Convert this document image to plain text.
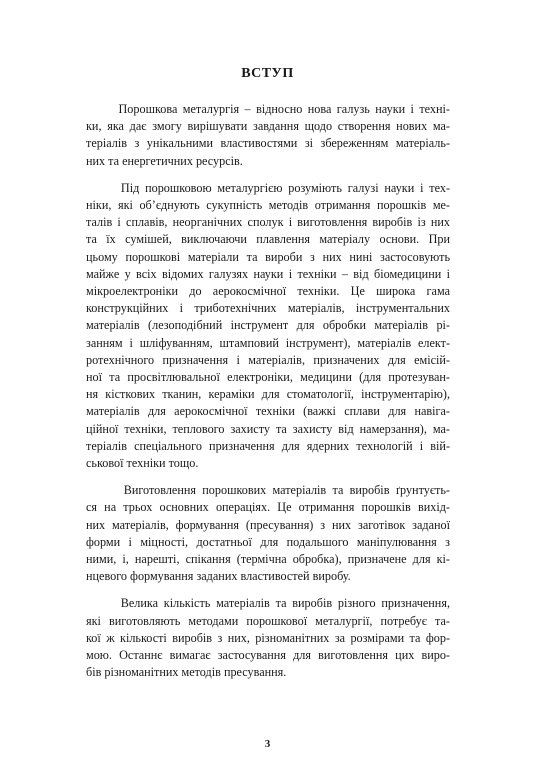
ВСТУП
Порошкова металургія – відносно нова галузь науки і техні-
ки, яка дає змогу вирішувати завдання щодо створення нових ма-
теріалів з унікальними властивостями зі збереженням матеріаль-
них та енергетичних ресурсів.
Під порошковою металургією розуміють галузі науки і тех-
ніки, які об’єднують сукупність методів отримання порошків ме-
талів і сплавів, неорганічних сполук і виготовлення виробів із них
та їх сумішей, виключаючи плавлення матеріалу основи. При
цьому порошкові матеріали та вироби з них нині застосовують
майже у всіх відомих галузях науки і техніки – від біомедицини і
мікроелектроніки до аерокосмічної техніки. Це широка гама
конструкційних і триботехнічних матеріалів, інструментальних
матеріалів (лезоподібний інструмент для обробки матеріалів рі-
занням і шліфуванням, штамповий інструмент), матеріалів елект-
ротехнічного призначення і матеріалів, призначених для емісій-
ної та просвітлювальної електроніки, медицини (для протезуван-
ня кісткових тканин, кераміки для стоматології, інструментарію),
матеріалів для аерокосмічної техніки (важкі сплави для навіга-
ційної техніки, теплового захисту та захисту від намерзання), ма-
теріалів спеціального призначення для ядерних технологій і вій-
ськової техніки тощо.
Виготовлення порошкових матеріалів та виробів ґрунтуєть-
ся на трьох основних операціях. Це отримання порошків вихід-
них матеріалів, формування (пресування) з них заготівок заданої
форми і міцності, достатньої для подальшого маніпулювання з
ними, і, нарешті, спікання (термічна обробка), призначене для кі-
нцевого формування заданих властивостей виробу.
Велика кількість матеріалів та виробів різного призначення,
які виготовляють методами порошкової металургії, потребує та-
кої ж кількості виробів з них, різноманітних за розмірами та фор-
мою. Останнє вимагає застосування для виготовлення цих виро-
бів різноманітних методів пресування.
3
